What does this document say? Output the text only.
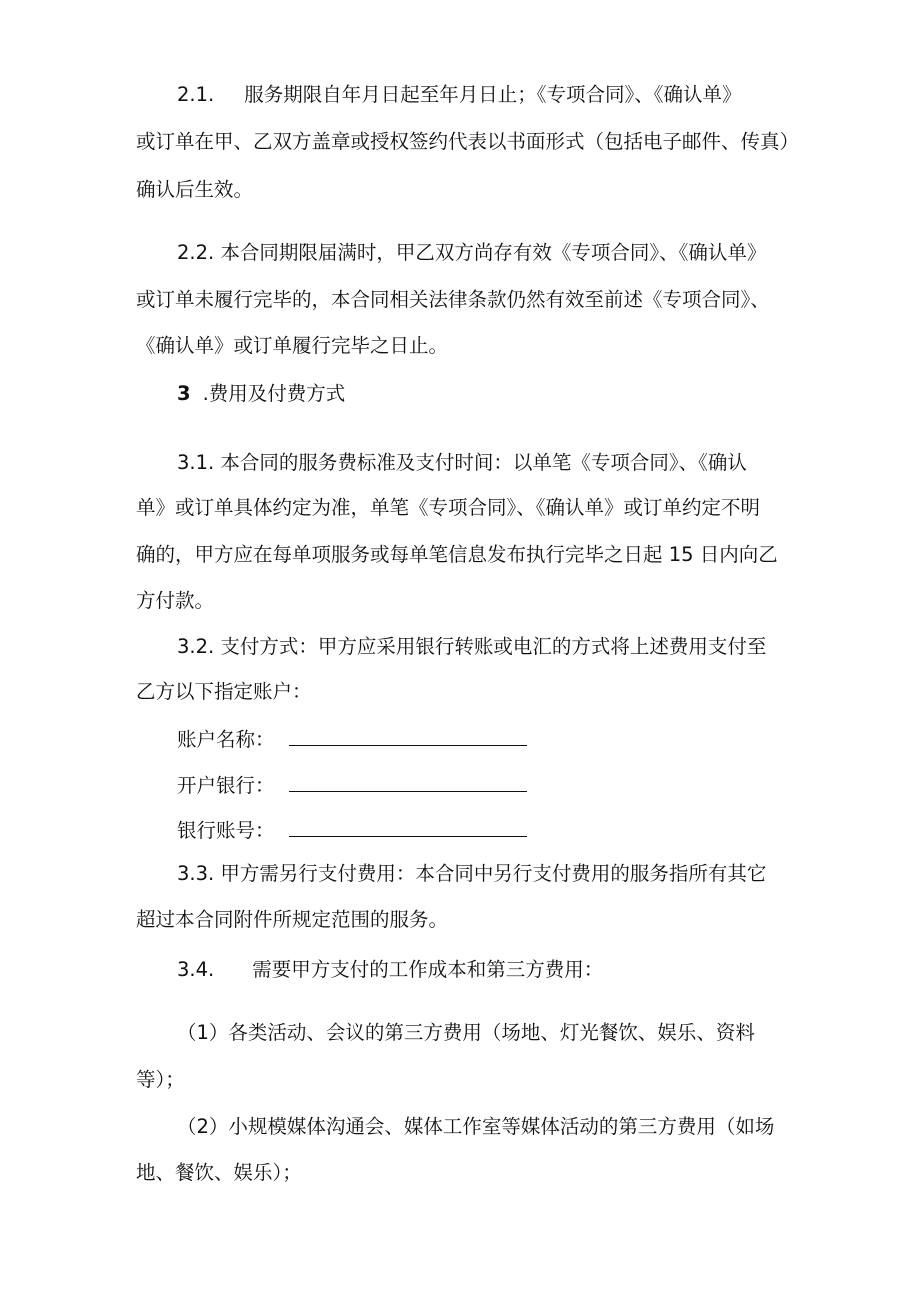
2.1. 服务期限自年月日起至年月日止；《专项合同》、《确认单》
或订单在甲、乙双方盖章或授权签约代表以书面形式（包括电子邮件、传真）
确认后生效。
2.2. 本合同期限届满时，甲乙双方尚存有效《专项合同》、《确认单》
或订单未履行完毕的，本合同相关法律条款仍然有效至前述《专项合同》、
《确认单》或订单履行完毕之日止。
3 .费用及付费方式
3.1. 本合同的服务费标准及支付时间：以单笔《专项合同》、《确认
单》或订单具体约定为准，单笔《专项合同》、《确认单》或订单约定不明
确的，甲方应在每单项服务或每单笔信息发布执行完毕之日起 15 日内向乙
方付款。
3.2. 支付方式：甲方应采用银行转账或电汇的方式将上述费用支付至
乙方以下指定账户：
账户名称：
开户银行：
银行账号：
3.3. 甲方需另行支付费用：本合同中另行支付费用的服务指所有其它
超过本合同附件所规定范围的服务。
3.4. 需要甲方支付的工作成本和第三方费用：
（1）各类活动、会议的第三方费用（场地、灯光餐饮、娱乐、资料
等）；
（2）小规模媒体沟通会、媒体工作室等媒体活动的第三方费用（如场
地、餐饮、娱乐）；
